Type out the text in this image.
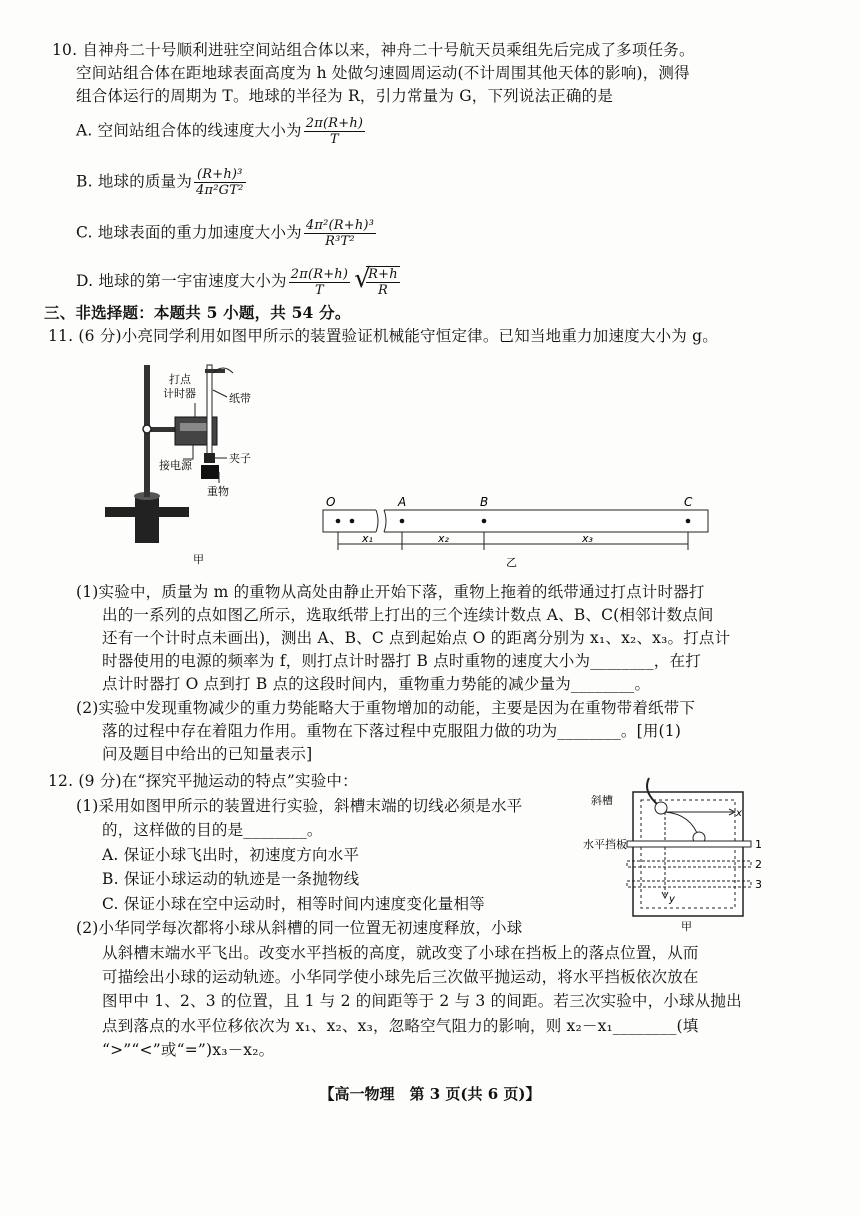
10. 自神舟二十号顺利进驻空间站组合体以来，神舟二十号航天员乘组先后完成了多项任务。
空间站组合体在距地球表面高度为 h 处做匀速圆周运动(不计周围其他天体的影响)，测得
组合体运行的周期为 T。地球的半径为 R，引力常量为 G，下列说法正确的是
A. 空间站组合体的线速度大小为 $\frac{2\pi(R+h)}{T}$
B. 地球的质量为 $\frac{\text{(R+h)³}}{\text{4π²GT²}}$
C. 地球表面的重力加速度大小为 $\frac{\text{4π²(R+h)³}}{\text{R³T²}}$
D. 地球的第一宇宙速度大小为 $\frac{2\pi(R+h)}{T}$ √
$\frac{R+h}{R}$
三、非选择题：本题共 5 小题，共 54 分。
11. (6 分)小亮同学利用如图甲所示的装置验证机械能守恒定律。已知当地重力加速度大小为 g。
打点
计时器	纸带
夹子
接电源
重物
甲
O	A	B	C
x₁	x₂	x₃
乙
(1)实验中，质量为 m 的重物从高处由静止开始下落，重物上拖着的纸带通过打点计时器打
出的一系列的点如图乙所示，选取纸带上打出的三个连续计数点 A、B、C(相邻计数点间
还有一个计时点未画出)，测出 A、B、C 点到起始点 O 的距离分别为 x₁、x₂、x₃。打点计
时器使用的电源的频率为 f，则打点计时器打 B 点时重物的速度大小为________，在打
点计时器打 O 点到打 B 点的这段时间内，重物重力势能的减少量为________。
(2)实验中发现重物减少的重力势能略大于重物增加的动能，主要是因为在重物带着纸带下
落的过程中存在着阻力作用。重物在下落过程中克服阻力做的功为________。[用(1)
问及题目中给出的已知量表示]
12. (9 分)在“探究平抛运动的特点”实验中：
(1)采用如图甲所示的装置进行实验，斜槽末端的切线必须是水平
的，这样做的目的是________。
A. 保证小球飞出时，初速度方向水平
B. 保证小球运动的轨迹是一条抛物线
C. 保证小球在空中运动时，相等时间内速度变化量相等
(2)小华同学每次都将小球从斜槽的同一位置无初速度释放，小球
从斜槽末端水平飞出。改变水平挡板的高度，就改变了小球在挡板上的落点位置，从而
可描绘出小球的运动轨迹。小华同学使小球先后三次做平抛运动，将水平挡板依次放在
图甲中 1、2、3 的位置，且 1 与 2 的间距等于 2 与 3 的间距。若三次实验中，小球从抛出
点到落点的水平位移依次为 x₁、x₂、x₃，忽略空气阻力的影响，则 x₂－x₁________(填
“>”“<”或“=”)x₃－x₂。
斜槽
水平挡板	1
2
3
x
y
甲
【高一物理　第 3 页(共 6 页)】
